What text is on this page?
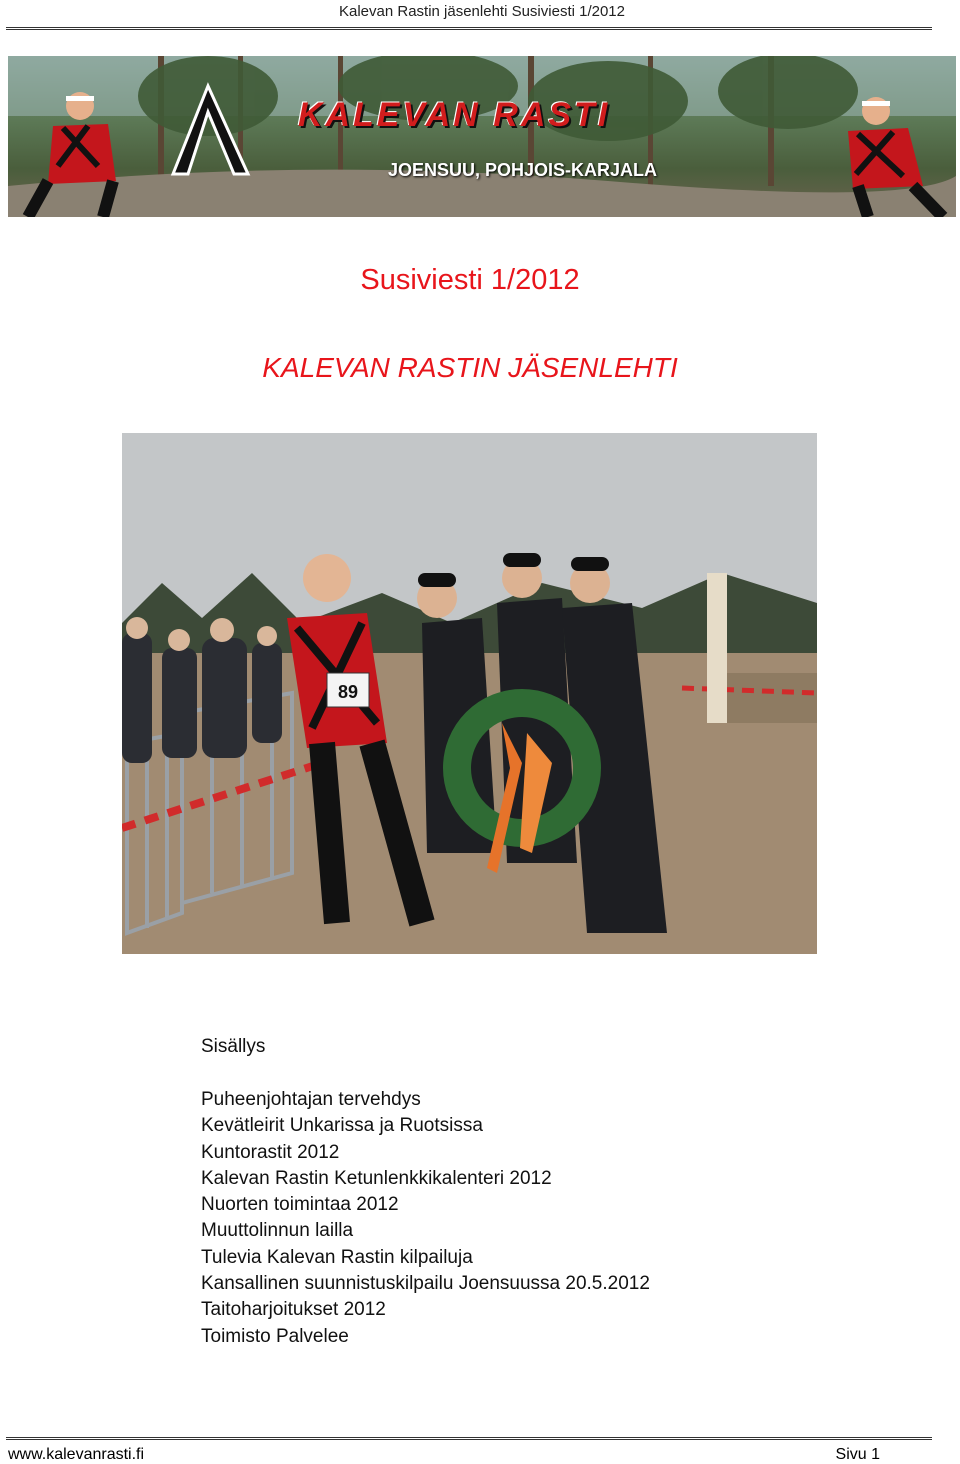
Kalevan Rastin jäsenlehti Susiviesti 1/2012
KALEVAN RASTI
JOENSUU, POHJOIS-KARJALA
Susiviesti 1/2012
KALEVAN RASTIN JÄSENLEHTI
89
Sisällys
Puheenjohtajan tervehdys
Kevätleirit Unkarissa ja Ruotsissa
Kuntorastit 2012
Kalevan Rastin Ketunlenkkikalenteri 2012
Nuorten toimintaa 2012
Muuttolinnun lailla
Tulevia Kalevan Rastin kilpailuja
Kansallinen suunnistuskilpailu Joensuussa 20.5.2012
Taitoharjoitukset 2012
Toimisto Palvelee
www.kalevanrasti.fi	Sivu 1
